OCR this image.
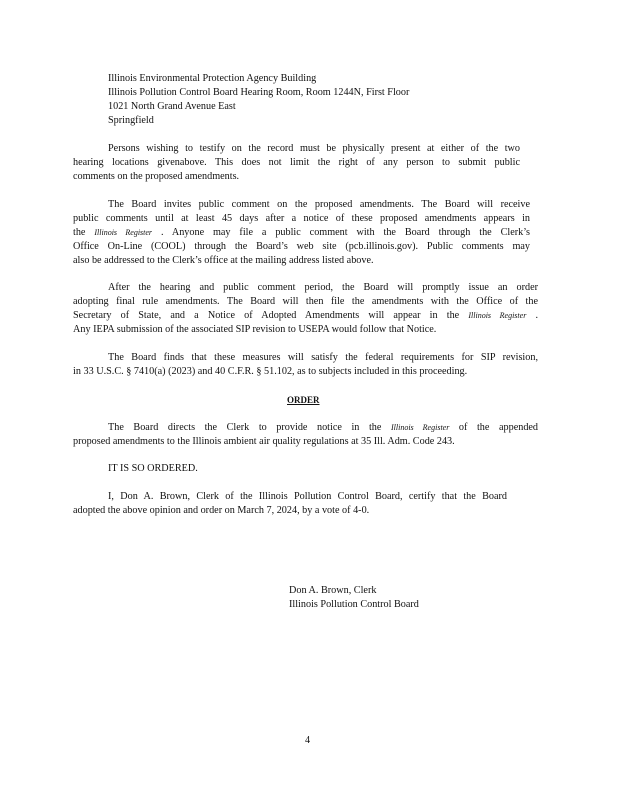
Illinois Environmental Protection Agency Building
Illinois Pollution Control Board Hearing Room, Room 1244N, First Floor
1021 North Grand Avenue East
Springfield

Persons wishing to testify on the record must be physically present at either of the two

hearing locations givenabove. This does not limit the right of any person to submit public

comments on the proposed amendments.

The Board invites public comment on the proposed amendments. The Board will receive

public comments until at least 45 days after a notice of these proposed amendments appears in

the Illinois Register . Anyone may file a public comment with the Board through the Clerk’s

Office On-Line (COOL) through the Board’s web site (pcb.illinois.gov). Public comments may

also be addressed to the Clerk’s office at the mailing address listed above.

After the hearing and public comment period, the Board will promptly issue an order

adopting final rule amendments. The Board will then file the amendments with the Office of the

Secretary of State, and a Notice of Adopted Amendments will appear in the Illinois Register .

Any IEPA submission of the associated SIP revision to USEPA would follow that Notice.

The Board finds that these measures will satisfy the federal requirements for SIP revision,

in 33 U.S.C. § 7410(a) (2023) and 40 C.F.R. § 51.102, as to subjects included in this proceeding.

ORDER

The Board directs the Clerk to provide notice in the Illinois Register of the appended

proposed amendments to the Illinois ambient air quality regulations at 35 Ill. Adm. Code 243.

IT IS SO ORDERED.

I, Don A. Brown, Clerk of the Illinois Pollution Control Board, certify that the Board

adopted the above opinion and order on March 7, 2024, by a vote of 4-0.

Don A. Brown, Clerk
Illinois Pollution Control Board
4
